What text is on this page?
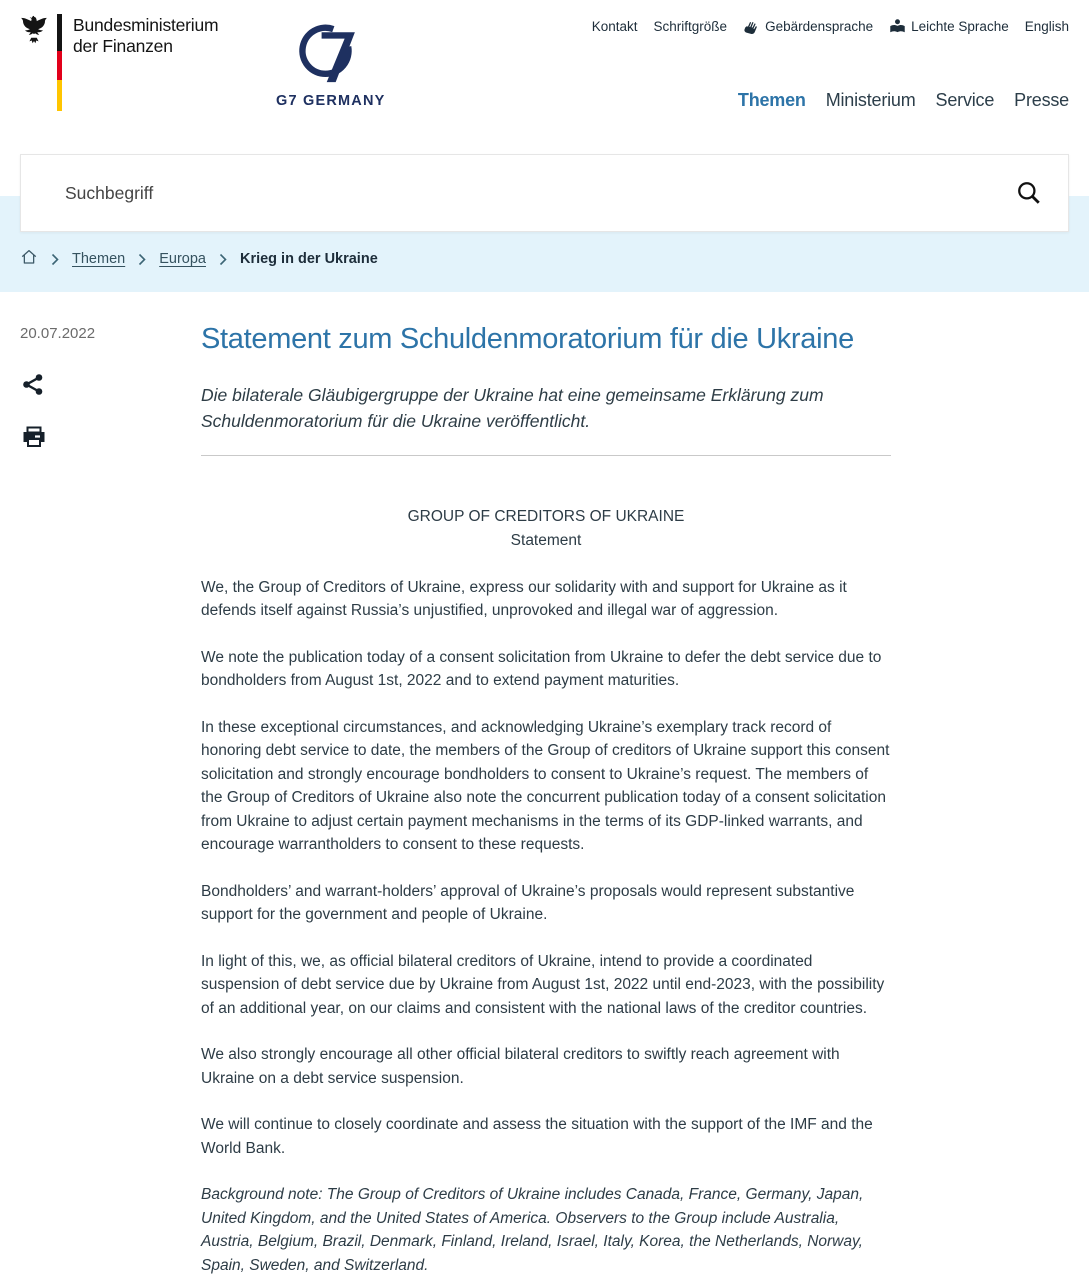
Bundesministerium
der Finanzen
G7 GERMANY
Kontakt Schriftgröße	Gebärdensprache	Leichte Sprache English
Themen Ministerium Service Presse
Suchbegriff
Themen Europa Krieg in der Ukraine
20.07.2022	Statement zum Schuldenmoratorium für die Ukraine
Die bilaterale Gläubigergruppe der Ukraine hat eine gemeinsame Erklärung zum Schuldenmoratorium für die Ukraine veröffentlicht.
GROUP OF CREDITORS OF UKRAINE
Statement

We, the Group of Creditors of Ukraine, express our solidarity with and support for Ukraine as it defends itself against Russia’s unjustified, unprovoked and illegal war of aggression.

We note the publication today of a consent solicitation from Ukraine to defer the debt service due to bondholders from August 1st, 2022 and to extend payment maturities.

In these exceptional circumstances, and acknowledging Ukraine’s exemplary track record of honoring debt service to date, the members of the Group of creditors of Ukraine support this consent solicitation and strongly encourage bondholders to consent to Ukraine’s request. The members of the Group of Creditors of Ukraine also note the concurrent publication today of a consent solicitation from Ukraine to adjust certain payment mechanisms in the terms of its GDP-linked warrants, and encourage warrantholders to consent to these requests.

Bondholders’ and warrant-holders’ approval of Ukraine’s proposals would represent substantive support for the government and people of Ukraine.

In light of this, we, as official bilateral creditors of Ukraine, intend to provide a coordinated suspension of debt service due by Ukraine from August 1st, 2022 until end-2023, with the possibility of an additional year, on our claims and consistent with the national laws of the creditor countries.

We also strongly encourage all other official bilateral creditors to swiftly reach agreement with Ukraine on a debt service suspension.

We will continue to closely coordinate and assess the situation with the support of the IMF and the World Bank.

Background note: The Group of Creditors of Ukraine includes Canada, France, Germany, Japan, United Kingdom, and the United States of America. Observers to the Group include Australia, Austria, Belgium, Brazil, Denmark, Finland, Ireland, Israel, Italy, Korea, the Netherlands, Norway, Spain, Sweden, and Switzerland.
